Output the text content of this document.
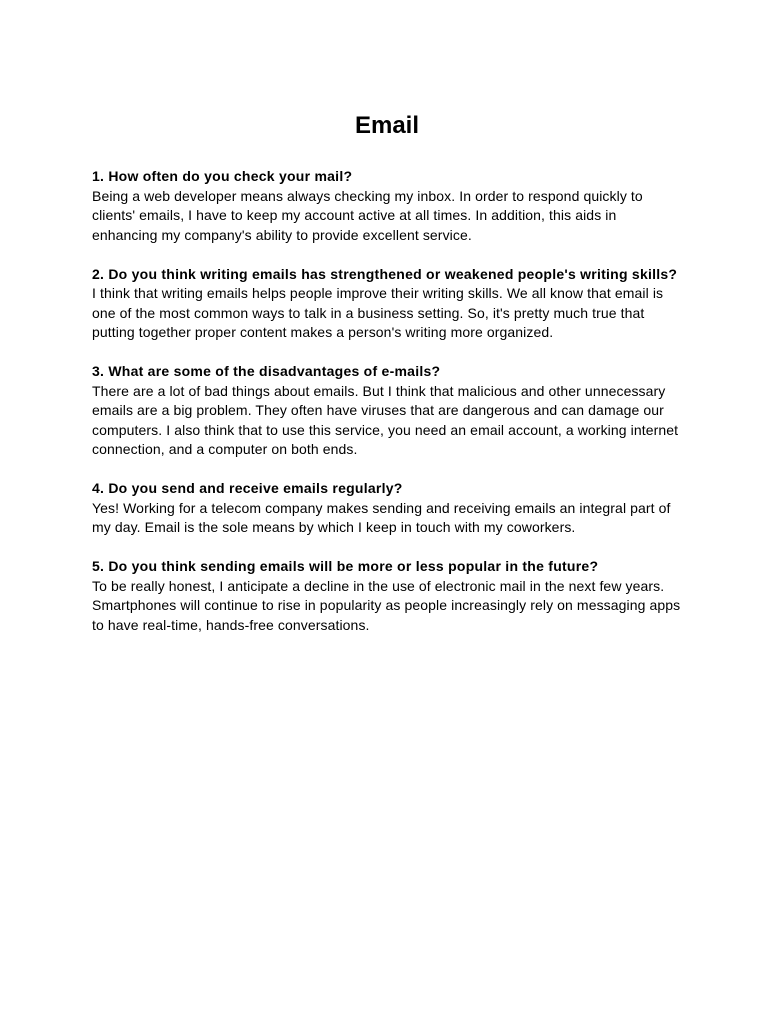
Email

1. How often do you check your mail?

Being a web developer means always checking my inbox. In order to respond quickly to clients' emails, I have to keep my account active at all times. In addition, this aids in enhancing my company's ability to provide excellent service.

2. Do you think writing emails has strengthened or weakened people's writing skills?

I think that writing emails helps people improve their writing skills. We all know that email is one of the most common ways to talk in a business setting. So, it's pretty much true that putting together proper content makes a person's writing more organized.

3. What are some of the disadvantages of e-mails?

There are a lot of bad things about emails. But I think that malicious and other unnecessary emails are a big problem. They often have viruses that are dangerous and can damage our computers. I also think that to use this service, you need an email account, a working internet connection, and a computer on both ends.

4. Do you send and receive emails regularly?

Yes! Working for a telecom company makes sending and receiving emails an integral part of my day. Email is the sole means by which I keep in touch with my coworkers.

5. Do you think sending emails will be more or less popular in the future?

To be really honest, I anticipate a decline in the use of electronic mail in the next few years. Smartphones will continue to rise in popularity as people increasingly rely on messaging apps to have real-time, hands-free conversations.
